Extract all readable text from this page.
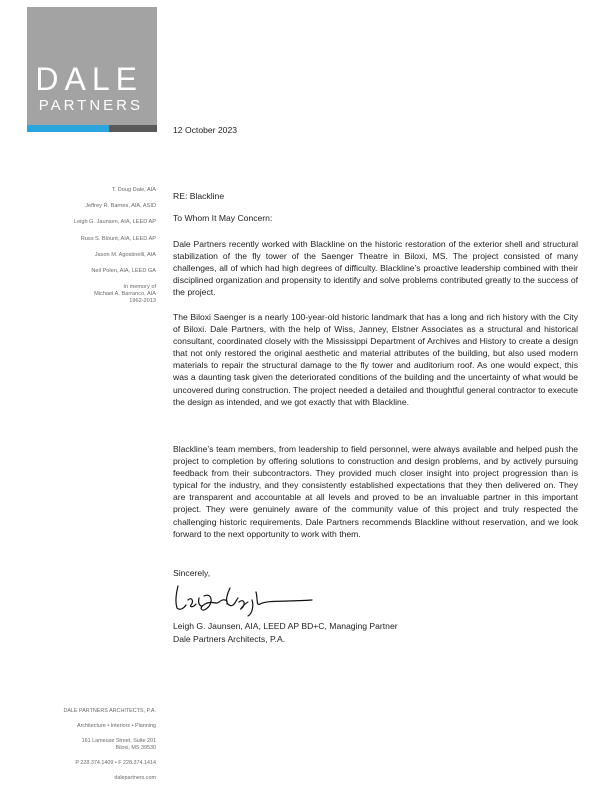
DALE
PARTNERS
T. Doug Dale, AIA
Jeffrey R. Barnes, AIA, ASID
Leigh G. Jaunsen, AIA, LEED AP
Russ S. Blount, AIA, LEED AP
Jason M. Agostinelli, AIA
Neil Polen, AIA, LEED GA
In memory of
Michael A. Barranco, AIA
1962-2013
DALE PARTNERS ARCHITECTS, P.A.
Architecture • Interiors • Planning
161 Lameuse Street, Suite 201
Biloxi, MS 39530
P 228.374.1409 • F 228.374.1414
dalepartners.com
12 October 2023
RE: Blackline
To Whom It May Concern:
Dale Partners recently worked with Blackline on the historic restoration of the exterior shell and structural stabilization of the fly tower of the Saenger Theatre in Biloxi, MS. The project consisted of many challenges, all of which had high degrees of difficulty. Blackline’s proactive leadership combined with their disciplined organization and propensity to identify and solve problems contributed greatly to the success of the project.
The Biloxi Saenger is a nearly 100-year-old historic landmark that has a long and rich history with the City of Biloxi. Dale Partners, with the help of Wiss, Janney, Elstner Associates as a structural and historical consultant, coordinated closely with the Mississippi Department of Archives and History to create a design that not only restored the original aesthetic and material attributes of the building, but also used modern materials to repair the structural damage to the fly tower and auditorium roof. As one would expect, this was a daunting task given the deteriorated conditions of the building and the uncertainty of what would be uncovered during construction. The project needed a detailed and thoughtful general contractor to execute the design as intended, and we got exactly that with Blackline.
Blackline’s team members, from leadership to field personnel, were always available and helped push the project to completion by offering solutions to construction and design problems, and by actively pursuing feedback from their subcontractors. They provided much closer insight into project progression than is typical for the industry, and they consistently established expectations that they then delivered on. They are transparent and accountable at all levels and proved to be an invaluable partner in this important project. They were genuinely aware of the community value of this project and truly respected the challenging historic requirements. Dale Partners recommends Blackline without reservation, and we look forward to the next opportunity to work with them.
Sincerely,
Leigh G. Jaunsen, AIA, LEED AP BD+C, Managing Partner
Dale Partners Architects, P.A.
